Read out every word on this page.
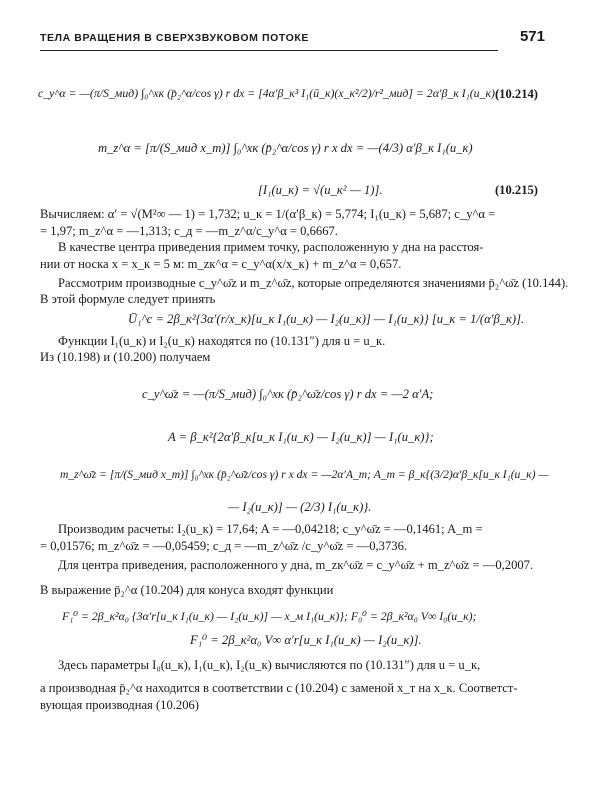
ТЕЛА ВРАЩЕНИЯ В СВЕРХЗВУКОВОМ ПОТОКЕ	571
c_y^α = —(π/S_мид) ∫₀^xк (p̄₂^α/cos γ) r dx = [4α′β_к³ I₁(ū_к)(x_к²/2)/r²_мид] = 2α′β_к I₁(u_к);
(10.214)
m_z^α = [π/(S_мид x_т)] ∫₀^xк (p̄₂^α/cos γ) r x dx = —(4/3) α′β_к I₁(u_к)
[I₁(u_к) = √(u_к² — 1)].	(10.215)
Вычисляем: α′ = √(M²∞ — 1) = 1,732; u_к = 1/(α′β_к) = 5,774; I₁(u_к) = 5,687; c_y^α =
= 1,97; m_z^α = —1,313; c_д = —m_z^α/c_y^α = 0,6667.
В качестве центра приведения примем точку, расположенную у дна на расстоя-
нии от носка x = x_к = 5 м: m_zк^α = c_y^α(x/x_к) + m_z^α = 0,657.
Рассмотрим производные c_y^ω̄z и m_z^ω̄z, которые определяются значениями p̄₂^ω̄z (10.144).
В этой формуле следует принять
Ū₁^с = 2β_к²{3α′(r/x_к)[u_к I₁(u_к) — I₂(u_к)] — I₁(u_к)} [u_к = 1/(α′β_к)].
Функции I₁(u_к) и I₂(u_к) находятся по (10.131″) для u = u_к.
Из (10.198) и (10.200) получаем
c_y^ω̄z = —(π/S_мид) ∫₀^xк (p̄₂^ω̄z/cos γ) r dx = —2 α′A;
A = β_к²{2α′β_к[u_к I₁(u_к) — I₂(u_к)] — I₁(u_к)};
m_z^ω̄z = [π/(S_мид x_т)] ∫₀^xк (p̄₂^ω̄z/cos γ) r x dx = —2α′A_m; A_m = β_к{(3/2)α′β_к[u_к I₁(u_к) —
— I₂(u_к)] — (2/3) I₁(u_к)}.
Производим расчеты: I₂(u_к) = 17,64; A = —0,04218; c_y^ω̄z = —0,1461; A_m =
= 0,01576; m_z^ω̄z = —0,05459; c_д = —m_z^ω̄z /c_y^ω̄z = —0,3736.
Для центра приведения, расположенного у дна, m_zк^ω̄z = c_y^ω̄z + m_z^ω̄z = —0,2007.
В выражение p̄₂^α (10.204) для конуса входят функции
F₁⁰ = 2β_к²α₀ {3α′r[u_к I₁(u_к) — I₂(u_к)] — x_м I₁(u_к)}; F₀⁰ = 2β_к²α₀ V∞ I₀(u_к);
F₁⁰ = 2β_к²α₀ V∞ α′r[u_к I₁(u_к) — I₂(u_к)].
Здесь параметры I₀(u_к), I₁(u_к), I₂(u_к) вычисляются по (10.131″) для u = u_к,
а производная p̄₂^α находится в соответствии с (10.204) с заменой x_т на x_к. Соответст-
вующая производная (10.206)
